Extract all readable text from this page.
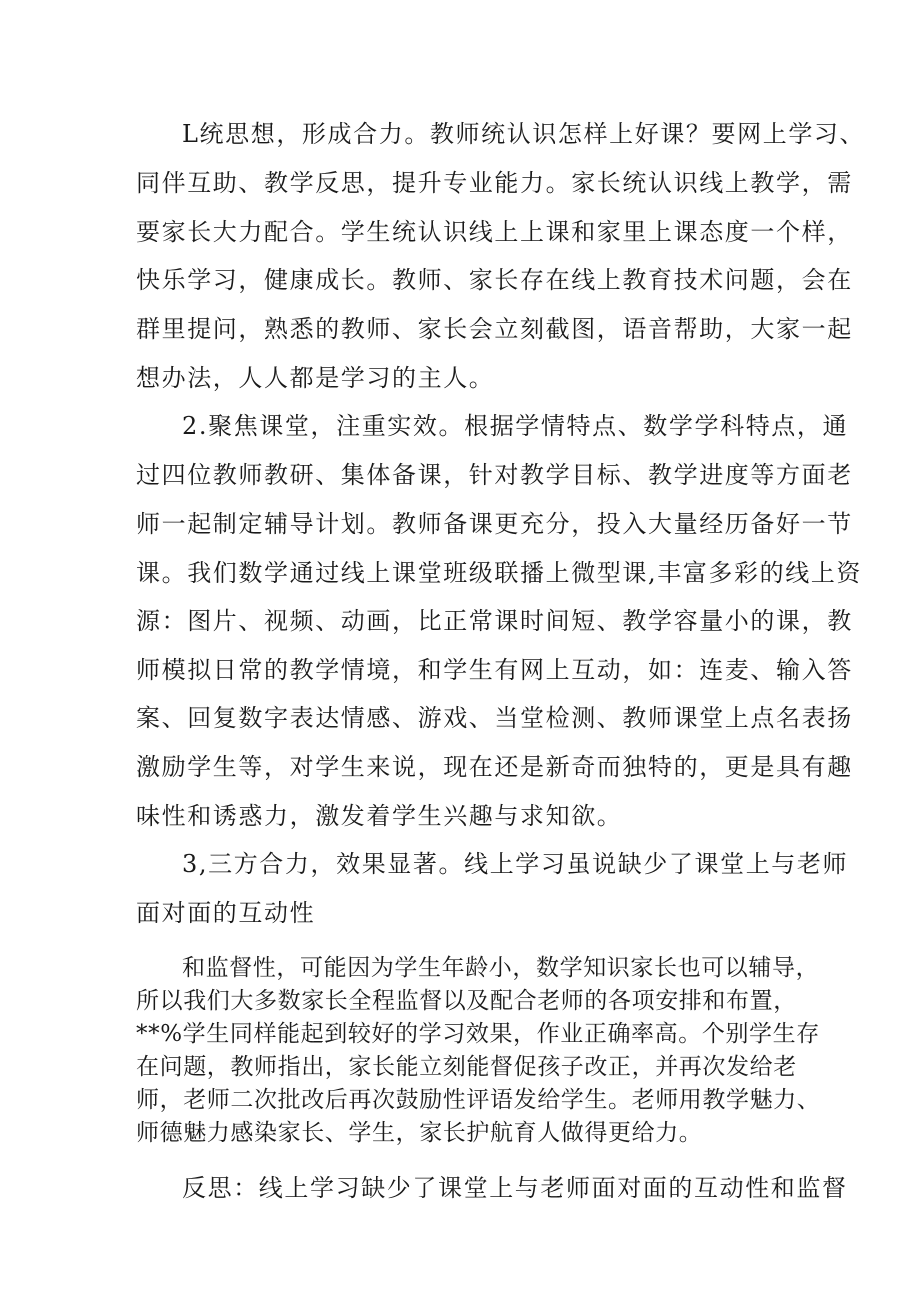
L统思想，形成合力。教师统认识怎样上好课？要网上学习、
同伴互助、教学反思，提升专业能力。家长统认识线上教学，需
要家长大力配合。学生统认识线上上课和家里上课态度一个样，
快乐学习，健康成长。教师、家长存在线上教育技术问题，会在
群里提问，熟悉的教师、家长会立刻截图，语音帮助，大家一起
想办法，人人都是学习的主人。
2.聚焦课堂，注重实效。根据学情特点、数学学科特点，通
过四位教师教研、集体备课，针对教学目标、教学进度等方面老
师一起制定辅导计划。教师备课更充分，投入大量经历备好一节
课。我们数学通过线上课堂班级联播上微型课,丰富多彩的线上资
源：图片、视频、动画，比正常课时间短、教学容量小的课，教
师模拟日常的教学情境，和学生有网上互动，如：连麦、输入答
案、回复数字表达情感、游戏、当堂检测、教师课堂上点名表扬
激励学生等，对学生来说，现在还是新奇而独特的，更是具有趣
味性和诱惑力，激发着学生兴趣与求知欲。
3,三方合力，效果显著。线上学习虽说缺少了课堂上与老师
面对面的互动性
和监督性，可能因为学生年龄小，数学知识家长也可以辅导，
所以我们大多数家长全程监督以及配合老师的各项安排和布置，
**%学生同样能起到较好的学习效果，作业正确率高。个别学生存
在问题，教师指出，家长能立刻能督促孩子改正，并再次发给老
师，老师二次批改后再次鼓励性评语发给学生。老师用教学魅力、
师德魅力感染家长、学生，家长护航育人做得更给力。
反思：线上学习缺少了课堂上与老师面对面的互动性和监督
